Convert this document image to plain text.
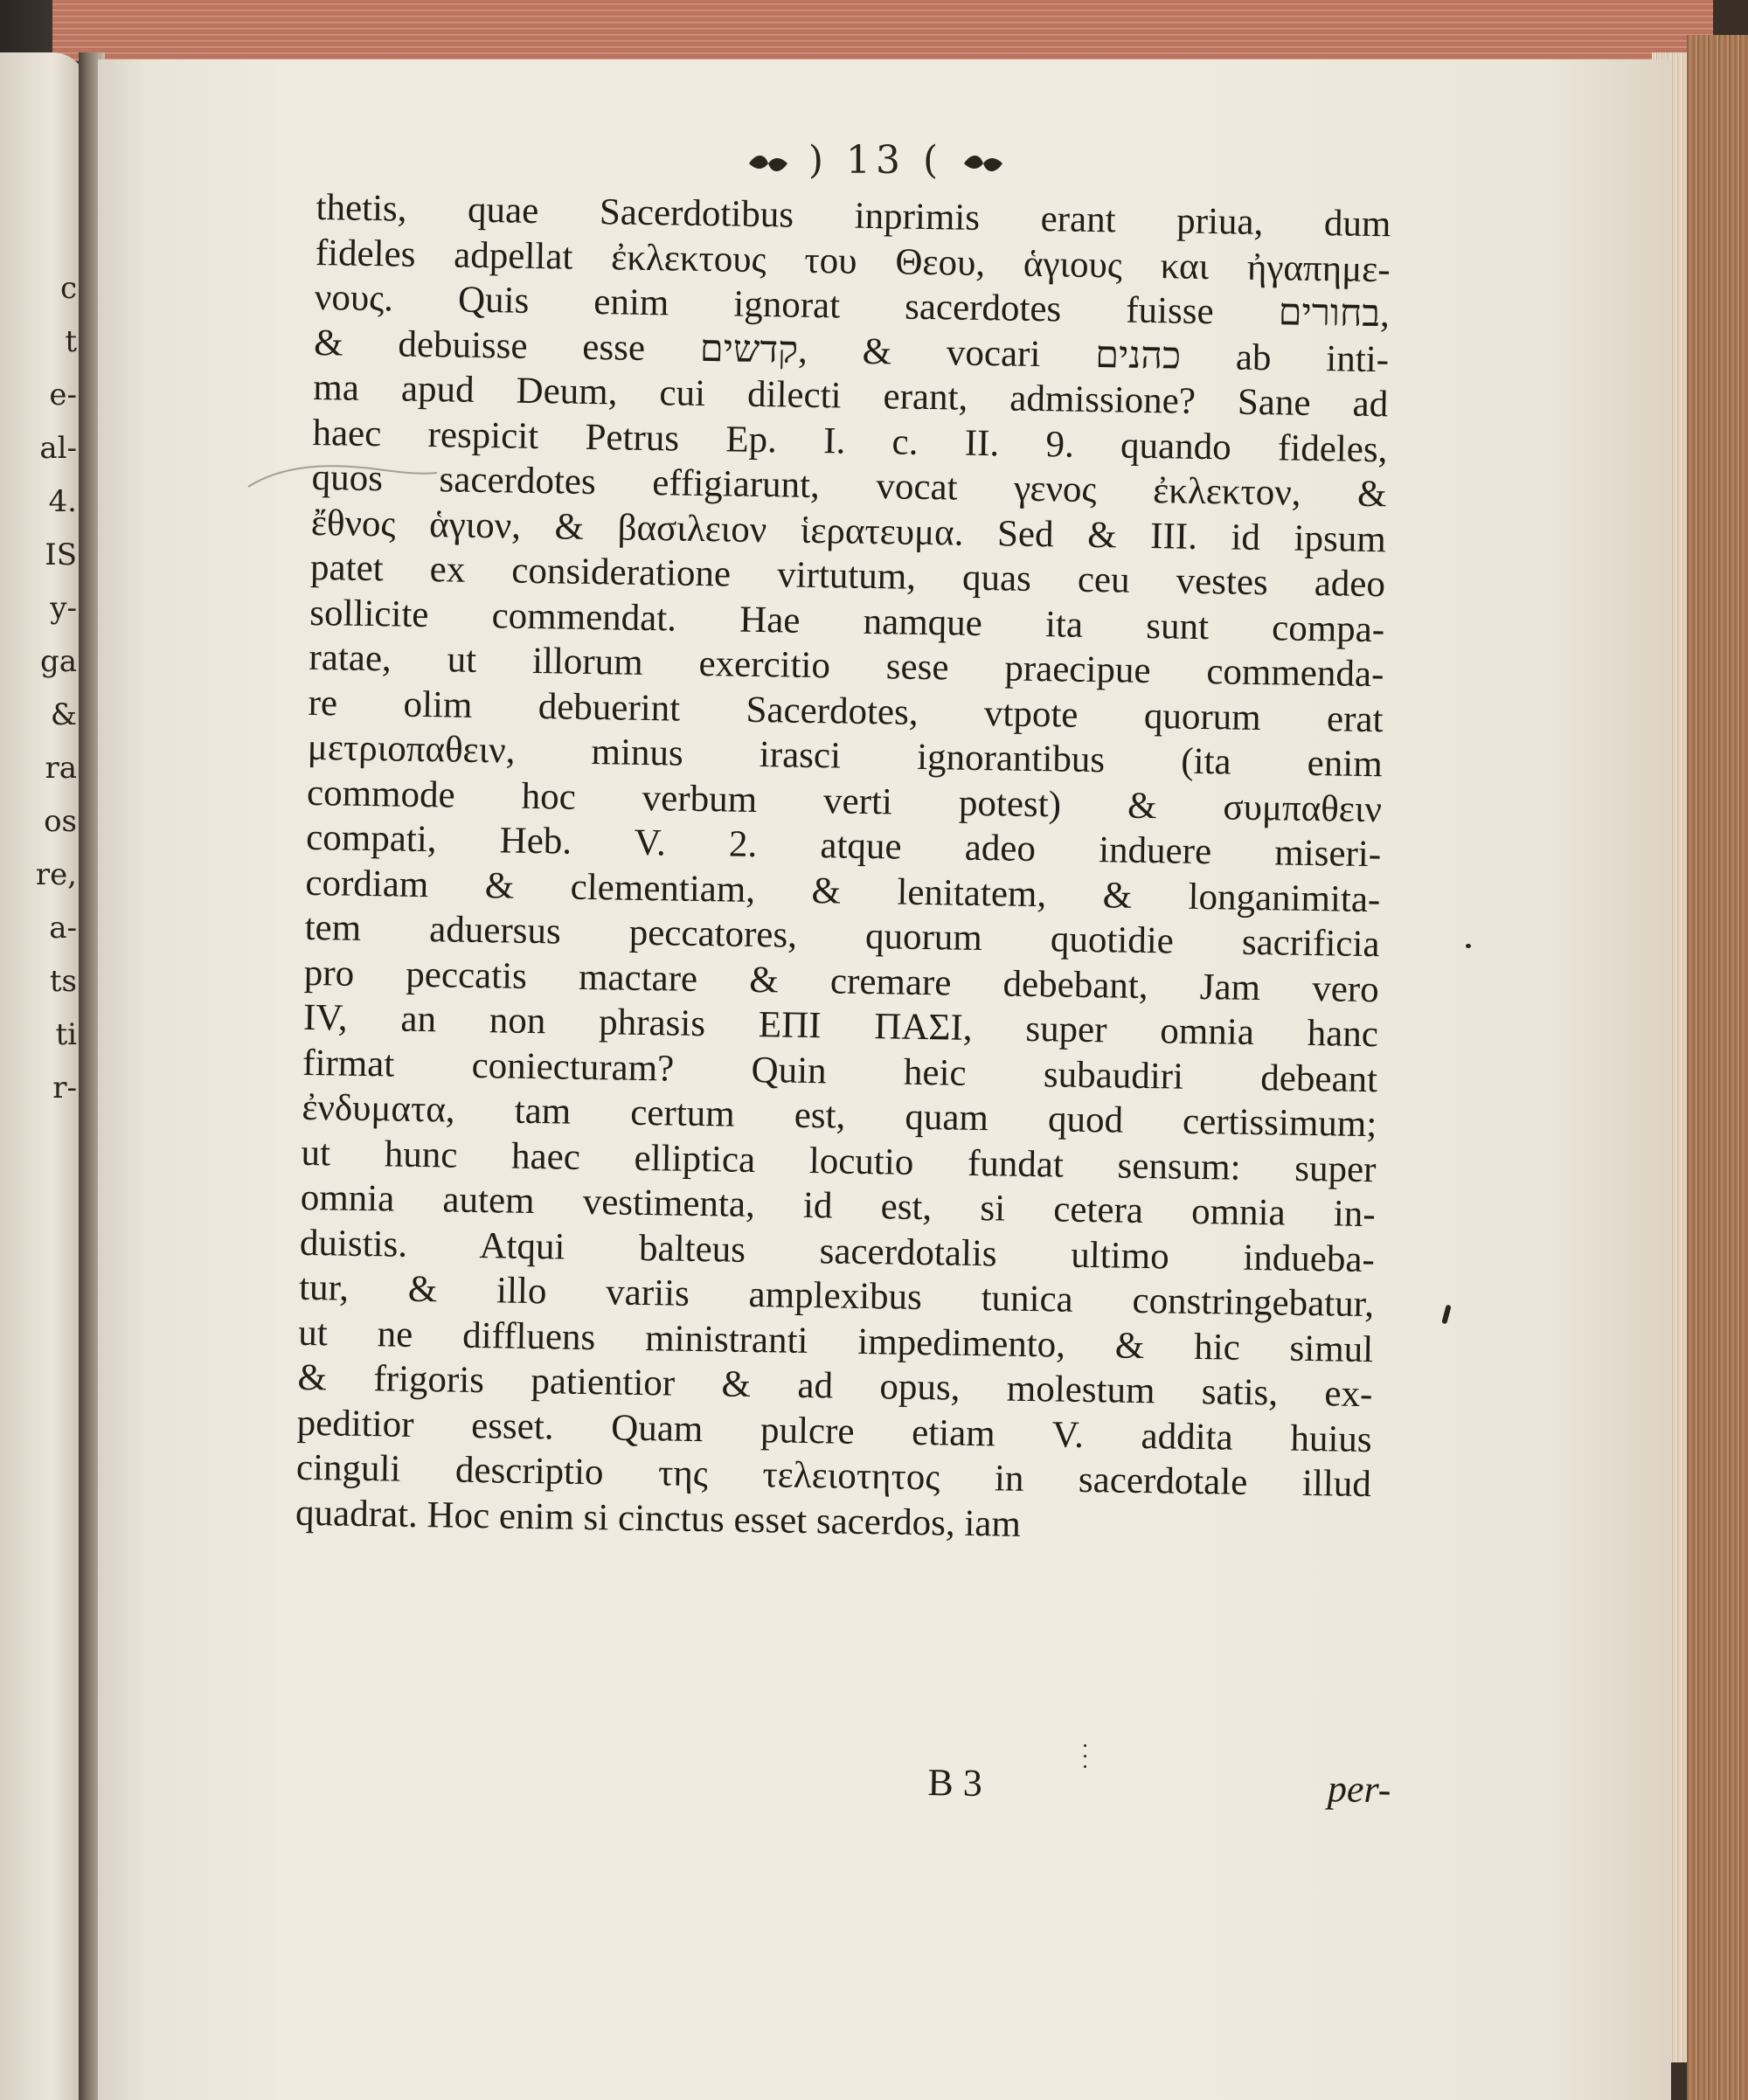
c
t
e-
al-
4.
IS
y-
ga
&
ra
os
re,
a-
ts
ti
r-
) 13 (
thetis, quae Sacerdotibus inprimis erant priua, dum
fideles adpellat ἐκλεκτους του Θεου, ἁγιους και ἠγαπημε-
νους. Quis enim ignorat sacerdotes fuisse בחורים,
& debuisse esse קדשים, & vocari כהנים ab inti-
ma apud Deum, cui dilecti erant, admissione? Sane ad
haec respicit Petrus Ep. I. c. II. 9. quando fideles,
quos sacerdotes effigiarunt, vocat γενος ἐκλεκτον, &
ἔθνος ἁγιον, & βασιλειον ἱερατευμα. Sed & III. id ipsum
patet ex consideratione virtutum, quas ceu vestes adeo
sollicite commendat. Hae namque ita sunt compa-
ratae, ut illorum exercitio sese praecipue commenda-
re olim debuerint Sacerdotes, vtpote quorum erat
μετριοπαθειν, minus irasci ignorantibus (ita enim
commode hoc verbum verti potest) & συμπαθειν
compati, Heb. V. 2. atque adeo induere miseri-
cordiam & clementiam, & lenitatem, & longanimita-
tem aduersus peccatores, quorum quotidie sacrificia
pro peccatis mactare & cremare debebant, Jam vero
IV, an non phrasis ΕΠΙ ΠΑΣΙ, super omnia hanc
firmat coniecturam? Quin heic subaudiri debeant
ἐνδυματα, tam certum est, quam quod certissimum;
ut hunc haec elliptica locutio fundat sensum: super
omnia autem vestimenta, id est, si cetera omnia in-
duistis. Atqui balteus sacerdotalis ultimo indueba-
tur, & illo variis amplexibus tunica constringebatur,
ut ne diffluens ministranti impedimento, & hic simul
& frigoris patientior & ad opus, molestum satis, ex-
peditior esset. Quam pulcre etiam V. addita huius
cinguli descriptio της τελειοτητος in sacerdotale illud
quadrat. Hoc enim si cinctus esset sacerdos, iam
B 3	per-
